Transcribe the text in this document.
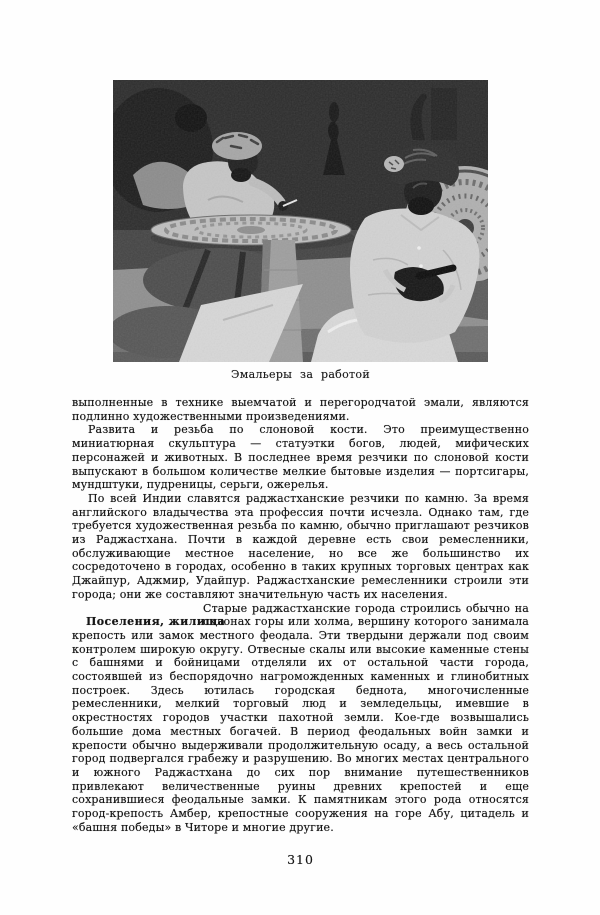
Эмальеры за работой

выполненные в технике выемчатой и перегородчатой эмали, являются подлинно художественными произведениями.

Развита и резьба по слоновой кости. Это преимущественно миниатюрная скульптура — статуэтки богов, людей, мифических персонажей и животных. В последнее время резчики по слоновой кости выпускают в большом количестве мелкие бытовые изделия — портсигары, мундштуки, пудреницы, серьги, ожерелья.

По всей Индии славятся раджастханские резчики по камню. За время английского владычества эта профессия почти исчезла. Однако там, где требуется художественная резьба по камню, обычно приглашают резчиков из Раджастхана. Почти в каждой деревне есть свои ремесленники, обслуживающие местное население, но все же большинство их сосредоточено в городах, особенно в таких крупных торговых центрах как Джайпур, Аджмир, Удайпур. Раджастханские ремесленники строили эти города; они же составляют значительную часть их населения.

Поселения, жилища
Старые раджастханские города строились обычно на склонах горы или холма, вершину которого занимала крепость или замок местного феодала. Эти твердыни держали под своим контролем широкую округу. Отвесные скалы или высокие каменные стены с башнями и бойницами отделяли их от остальной части города, состоявшей из беспорядочно нагроможденных каменных и глинобитных построек. Здесь ютилась городская беднота, многочисленные ремесленники, мелкий торговый люд и земледельцы, имевшие в окрестностях городов участки пахотной земли. Кое-где возвышались большие дома местных богачей. В период феодальных войн замки и крепости обычно выдерживали продолжительную осаду, а весь остальной город подвергался грабежу и разрушению. Во многих местах центрального и южного Раджастхана до сих пор внимание путешественников привлекают величественные руины древних крепостей и еще сохранившиеся феодальные замки. К памятникам этого рода относятся город-крепость Амбер, крепостные сооружения на горе Абу, цитадель и «башня победы» в Читоре и многие другие.

310
